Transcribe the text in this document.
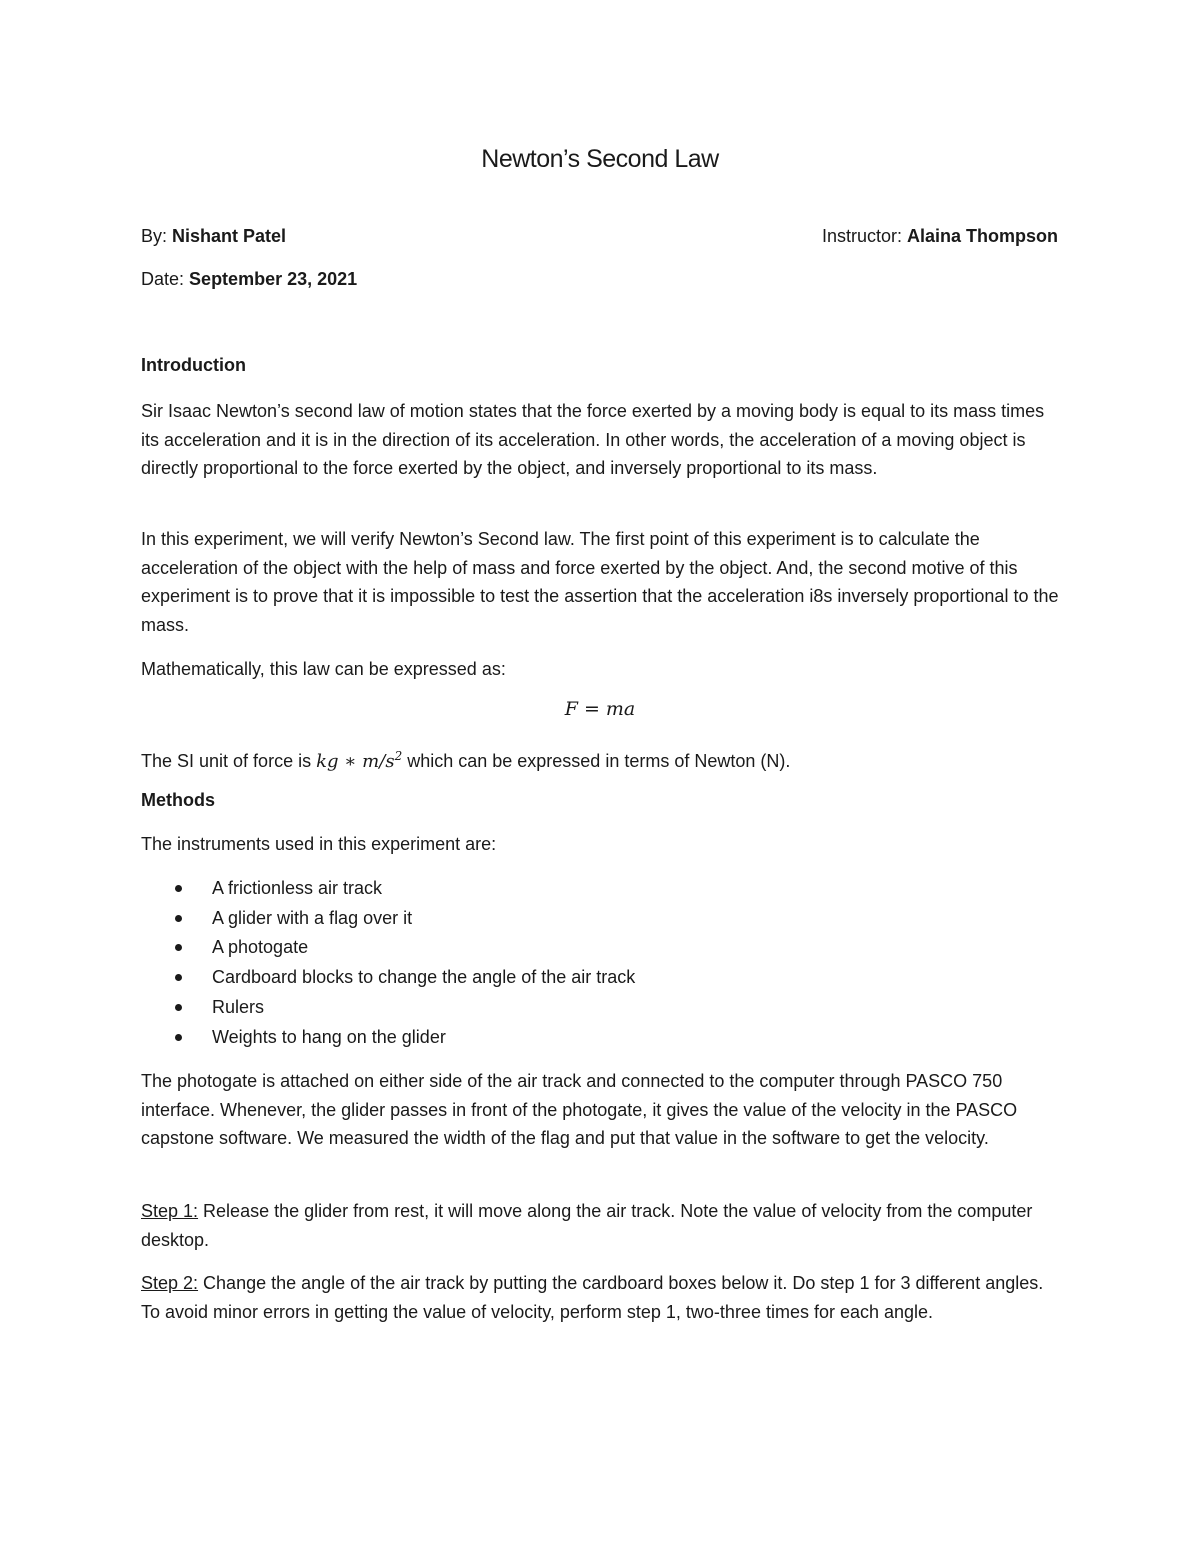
Newton’s Second Law
By: Nishant Patel	Instructor: Alaina Thompson
Date: September 23, 2021
Introduction
Sir Isaac Newton’s second law of motion states that the force exerted by a moving body is equal to its mass times its acceleration and it is in the direction of its acceleration. In other words, the acceleration of a moving object is directly proportional to the force exerted by the object, and inversely proportional to its mass.
In this experiment, we will verify Newton’s Second law. The first point of this experiment is to calculate the acceleration of the object with the help of mass and force exerted by the object. And, the second motive of this experiment is to prove that it is impossible to test the assertion that the acceleration i8s inversely proportional to the mass.
Mathematically, this law can be expressed as:
F = ma
The SI unit of force is kg ∗ $m/s^2$ which can be expressed in terms of Newton (N).
Methods
The instruments used in this experiment are:
A frictionless air track
A glider with a flag over it
A photogate
Cardboard blocks to change the angle of the air track
Rulers
Weights to hang on the glider
The photogate is attached on either side of the air track and connected to the computer through PASCO 750 interface. Whenever, the glider passes in front of the photogate, it gives the value of the velocity in the PASCO capstone software. We measured the width of the flag and put that value in the software to get the velocity.
Step 1: Release the glider from rest, it will move along the air track. Note the value of velocity from the computer desktop.
Step 2: Change the angle of the air track by putting the cardboard boxes below it. Do step 1 for 3 different angles. To avoid minor errors in getting the value of velocity, perform step 1, two-three times for each angle.
